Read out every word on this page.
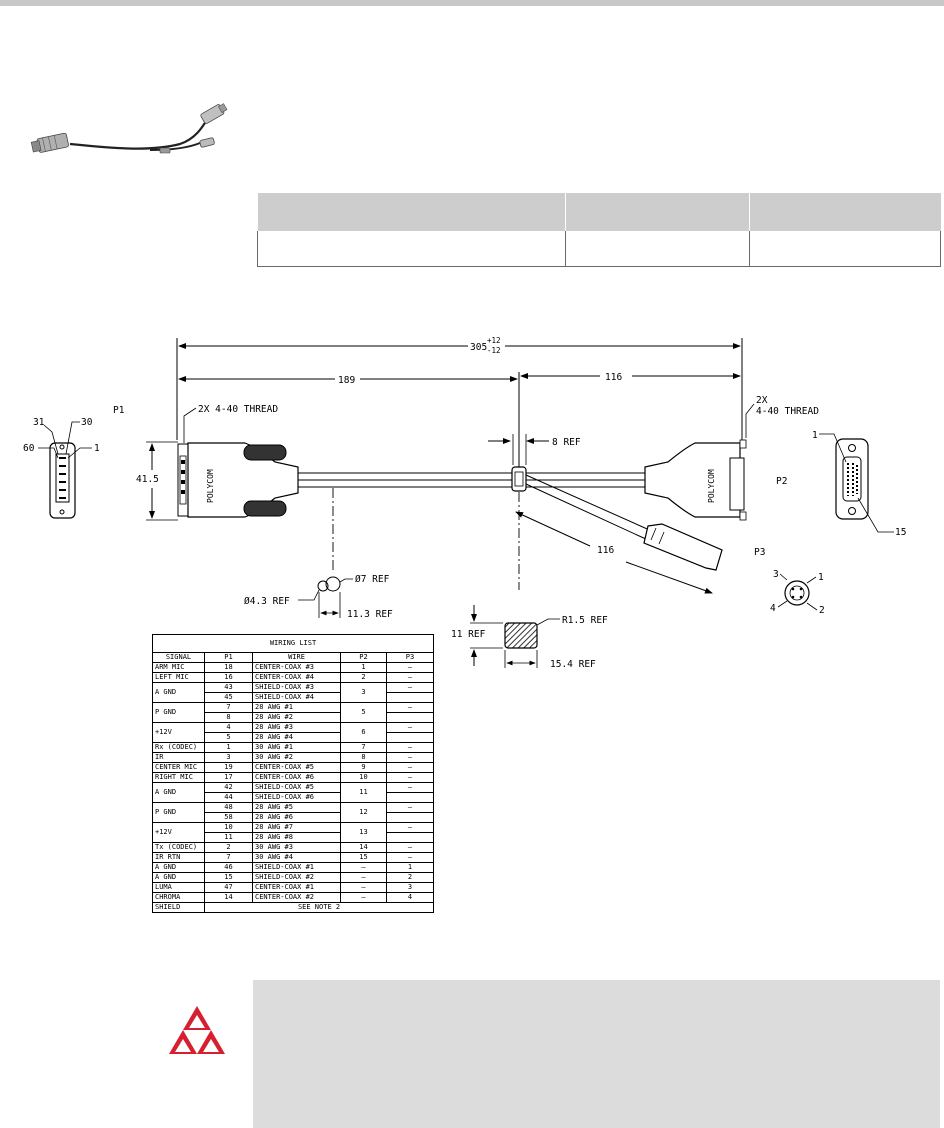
305
+12
-12
189	116
31	30
60	1
P1
41.5	POLYCOM
2X 4-40 THREAD
8 REF
116
POLYCOM
2X
4-40 THREAD
P2
1
15
P3
3	1
4	2
Ø4.3 REF
Ø7 REF
11.3 REF
11 REF
R1.5 REF
15.4 REF
WIRING LIST				
SIGNAL	P1	WIRE	P2	P3
ARM MIC	18	CENTER-COAX #3	1	—
LEFT MIC	16	CENTER-COAX #4	2	—
A GND	43	SHIELD-COAX #3	3	—
	45	SHIELD-COAX #4		
P GND	7	28 AWG #1	5	—
	8	28 AWG #2		
+12V	4	28 AWG #3	6	—
	5	28 AWG #4		
Rx (CODEC)	1	30 AWG #1	7	—
IR	3	30 AWG #2	8	—
CENTER MIC	19	CENTER-COAX #5	9	—
RIGHT MIC	17	CENTER-COAX #6	10	—
A GND	42	SHIELD-COAX #5	11	—
	44	SHIELD-COAX #6		
P GND	48	28 AWG #5	12	—
	58	28 AWG #6		
+12V	10	28 AWG #7	13	—
	11	28 AWG #8		
Tx (CODEC)	2	30 AWG #3	14	—
IR RTN	7	30 AWG #4	15	—
A GND	46	SHIELD-COAX #1	—	1
A GND	15	SHIELD-COAX #2	—	2
LUMA	47	CENTER-COAX #1	—	3
CHROMA	14	CENTER-COAX #2	—	4
SHIELD	SEE NOTE 2			
